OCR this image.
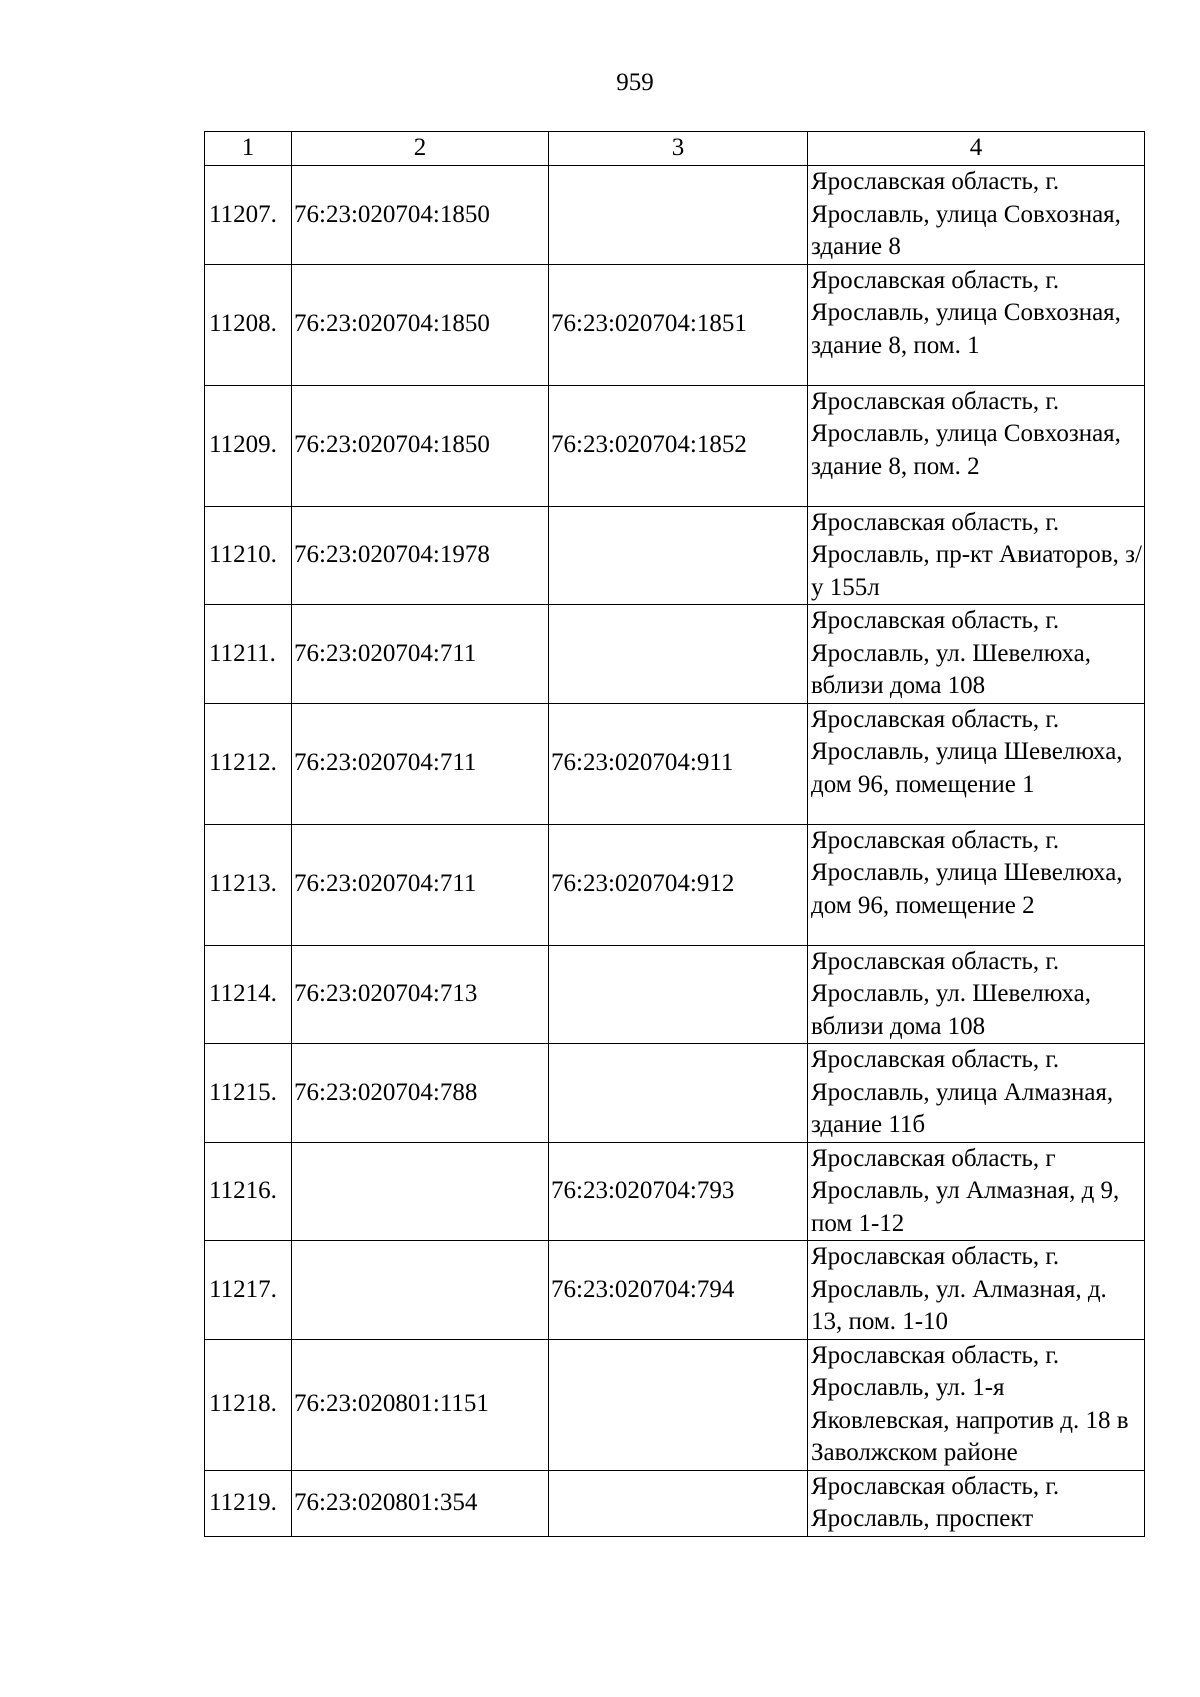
959
1	2	3	4
11207.	76:23:020704:1850		Ярославская область, г. Ярославль, улица Совхозная, здание 8
11208.	76:23:020704:1850	76:23:020704:1851	Ярославская область, г. Ярославль, улица Совхозная, здание 8, пом. 1
11209.	76:23:020704:1850	76:23:020704:1852	Ярославская область, г. Ярославль, улица Совхозная, здание 8, пом. 2
11210.	76:23:020704:1978		Ярославская область, г. Ярославль, пр-кт Авиаторов, з/у 155л
11211.	76:23:020704:711		Ярославская область, г. Ярославль, ул. Шевелюха, вблизи дома 108
11212.	76:23:020704:711	76:23:020704:911	Ярославская область, г. Ярославль, улица Шевелюха, дом 96, помещение 1
11213.	76:23:020704:711	76:23:020704:912	Ярославская область, г. Ярославль, улица Шевелюха, дом 96, помещение 2
11214.	76:23:020704:713		Ярославская область, г. Ярославль, ул. Шевелюха, вблизи дома 108
11215.	76:23:020704:788		Ярославская область, г. Ярославль, улица Алмазная, здание 11б
11216.		76:23:020704:793	Ярославская область, г Ярославль, ул Алмазная, д 9, пом 1-12
11217.		76:23:020704:794	Ярославская область, г. Ярославль, ул. Алмазная, д. 13, пом. 1-10
11218.	76:23:020801:1151		Ярославская область, г. Ярославль, ул. 1-я Яковлевская, напротив д. 18 в Заволжском районе
11219.	76:23:020801:354		Ярославская область, г. Ярославль, проспект
